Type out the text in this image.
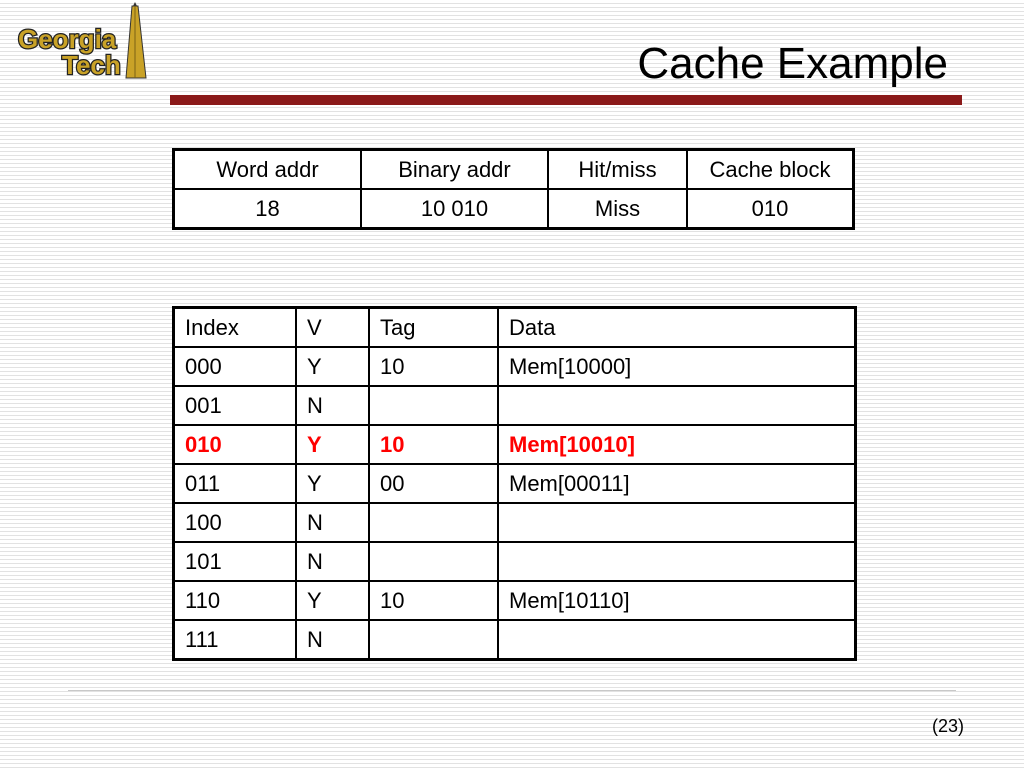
Georgia
Tech	Cache Example
Word addr	Binary addr	Hit/miss	Cache block
18	10 010	Miss	010
Index	V	Tag	Data
000	Y	10	Mem[10000]
001	N		
010	Y	10	Mem[10010]
011	Y	00	Mem[00011]
100	N		
101	N		
110	Y	10	Mem[10110]
111	N		
(23)
